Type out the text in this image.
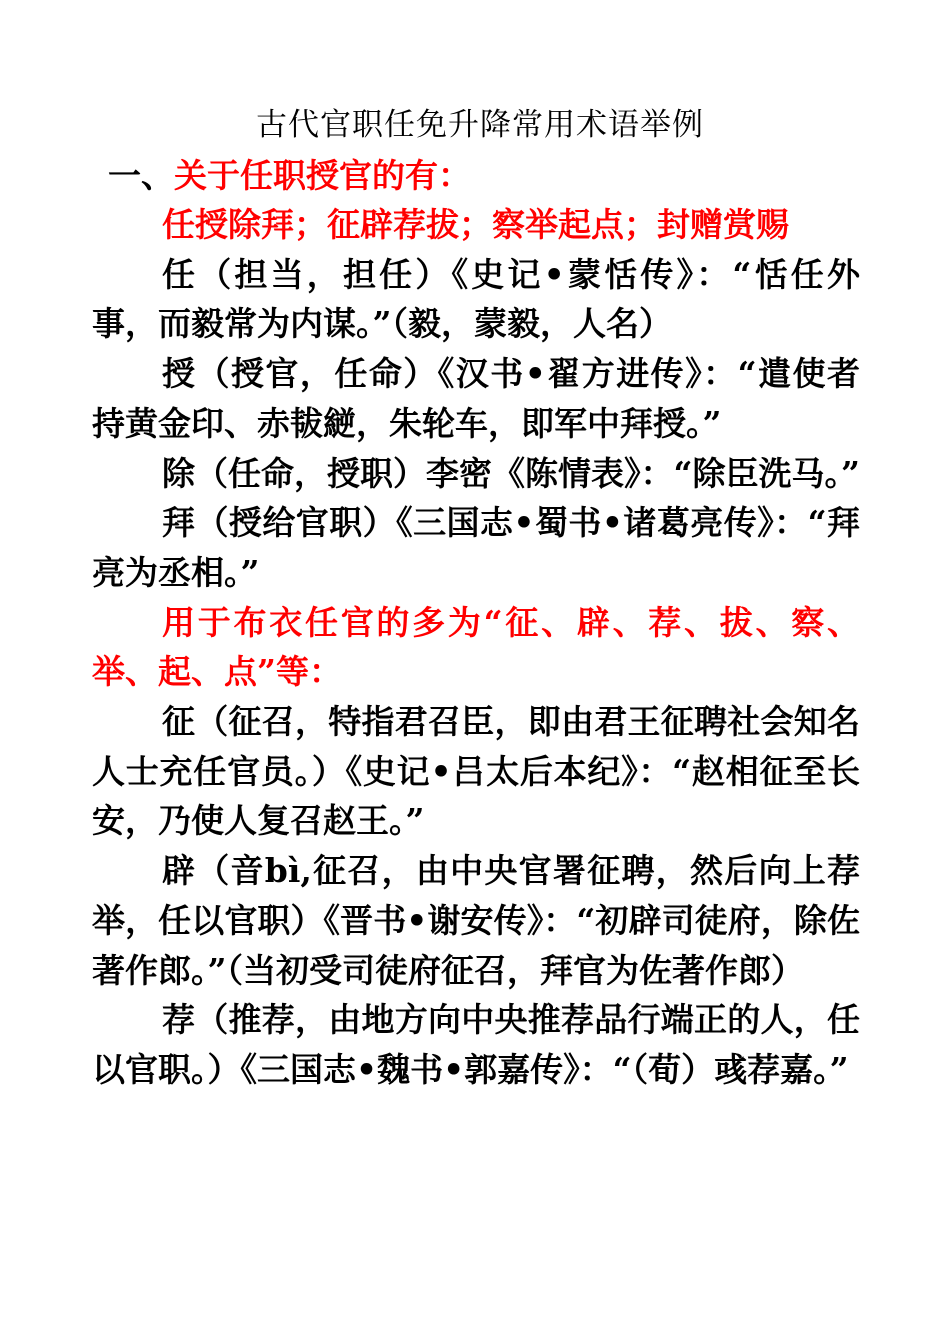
古代官职任免升降常用术语举例
一、关于任职授官的有：

任授除拜；征辟荐拔；察举起点；封赠赏赐

任（担当，担任）《史记•蒙恬传》：“恬任外事，而毅常为内谋。”（毅，蒙毅，人名）

授（授官，任命）《汉书•翟方进传》：“遣使者持黄金印、赤韨縌，朱轮车，即军中拜授。”

除（任命，授职）李密《陈情表》：“除臣洗马。”

拜（授给官职）《三国志•蜀书•诸葛亮传》：“拜亮为丞相。”

用于布衣任官的多为“征、辟、荐、拔、察、举、起、点”等：

征（征召，特指君召臣，即由君王征聘社会知名人士充任官员。）《史记•吕太后本纪》：“赵相征至长安，乃使人复召赵王。”

辟（音bì,征召，由中央官署征聘，然后向上荐举，任以官职）《晋书•谢安传》：“初辟司徒府，除佐著作郎。”（当初受司徒府征召，拜官为佐著作郎）

荐（推荐，由地方向中央推荐品行端正的人，任以官职。）《三国志•魏书•郭嘉传》：“（荀）彧荐嘉。”
